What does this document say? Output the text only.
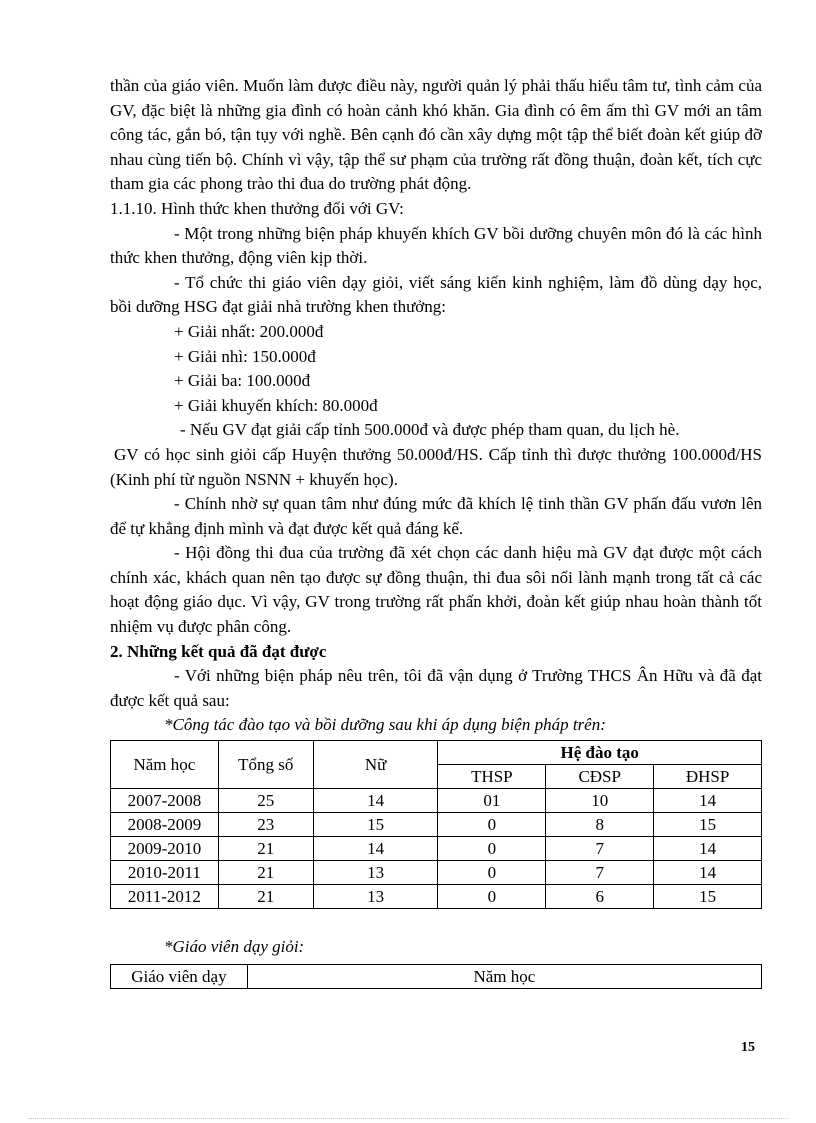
thần của giáo viên. Muốn làm được điều này, người quản lý phải thấu hiểu tâm tư, tình cảm của GV, đặc biệt là những gia đình có hoàn cảnh khó khăn. Gia đình có êm ấm thì GV mới an tâm công tác, gắn bó, tận tụy với nghề. Bên cạnh đó cần xây dựng một tập thể biết đoàn kết giúp đỡ nhau cùng tiến bộ. Chính vì vậy, tập thể sư phạm của trường rất đồng thuận, đoàn kết, tích cực tham gia các phong trào thi đua do trường phát động.

1.1.10. Hình thức khen thưởng đối với GV:

- Một trong những biện pháp khuyến khích GV bồi dưỡng chuyên môn đó là các hình thức khen thưởng, động viên kịp thời.

- Tổ chức thi giáo viên dạy giỏi, viết sáng kiến kinh nghiệm, làm đồ dùng dạy học, bồi dưỡng HSG đạt giải nhà trường khen thưởng:

+ Giải nhất: 200.000đ

+ Giải nhì: 150.000đ

+ Giải ba: 100.000đ

+ Giải khuyến khích: 80.000đ

- Nếu GV đạt giải cấp tỉnh 500.000đ và được phép tham quan, du lịch hè.

GV có học sinh giỏi cấp Huyện thưởng 50.000đ/HS. Cấp tỉnh thì được thưởng 100.000đ/HS (Kinh phí từ nguồn NSNN + khuyến học).

- Chính nhờ sự quan tâm như đúng mức đã khích lệ tinh thần GV phấn đấu vươn lên để tự khẳng định mình và đạt được kết quả đáng kể.

- Hội đồng thi đua của trường đã xét chọn các danh hiệu mà GV đạt được một cách chính xác, khách quan nên tạo được sự đồng thuận, thi đua sôi nổi lành mạnh trong tất cả các hoạt động giáo dục. Vì vậy, GV trong trường rất phấn khởi, đoàn kết giúp nhau hoàn thành tốt nhiệm vụ được phân công.

2. Những kết quả đã đạt được

- Với những biện pháp nêu trên, tôi đã vận dụng ở Trường THCS Ân Hữu và đã đạt được kết quả sau:

*Công tác đào tạo và bồi dưỡng sau khi áp dụng biện pháp trên:

Năm học	Tổng số	Nữ	Hệ đào tạo		
			THSP	CĐSP	ĐHSP
2007-2008	25	14	01	10	14
2008-2009	23	15	0	8	15
2009-2010	21	14	0	7	14
2010-2011	21	13	0	7	14
2011-2012	21	13	0	6	15

*Giáo viên dạy giỏi:

Giáo viên dạy	Năm học
15
